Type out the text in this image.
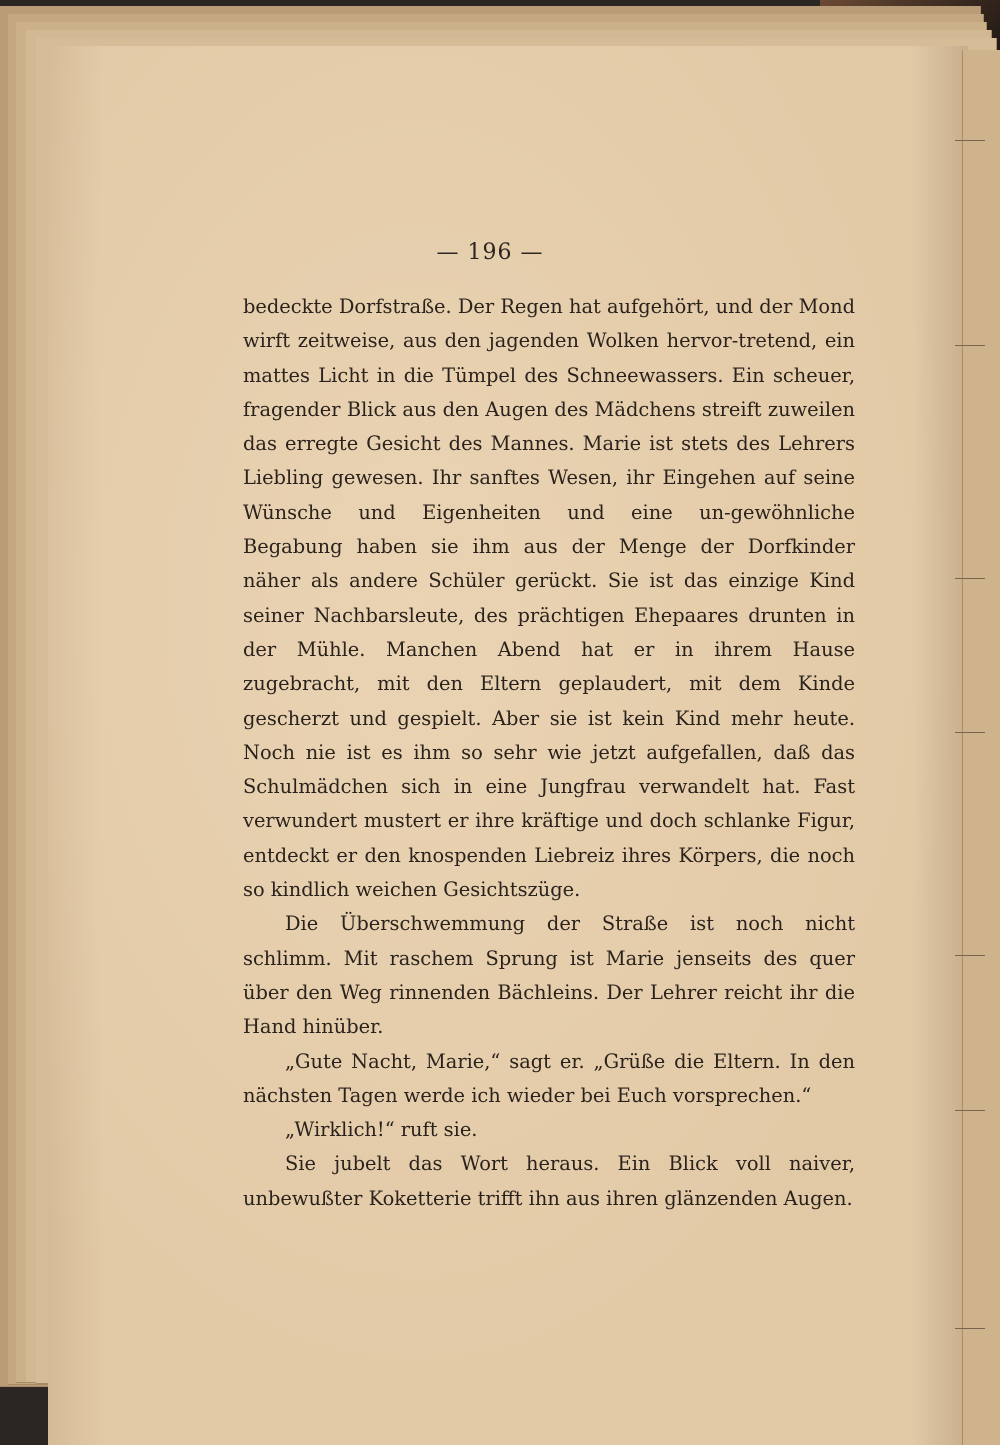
— 196 —

bedeckte Dorfstraße. Der Regen hat aufgehört, und der Mond wirft zeitweise, aus den jagenden Wolken hervor-tretend, ein mattes Licht in die Tümpel des Schneewassers. Ein scheuer, fragender Blick aus den Augen des Mädchens streift zuweilen das erregte Gesicht des Mannes. Marie ist stets des Lehrers Liebling gewesen. Ihr sanftes Wesen, ihr Eingehen auf seine Wünsche und Eigenheiten und eine un-gewöhnliche Begabung haben sie ihm aus der Menge der Dorfkinder näher als andere Schüler gerückt. Sie ist das einzige Kind seiner Nachbarsleute, des prächtigen Ehepaares drunten in der Mühle. Manchen Abend hat er in ihrem Hause zugebracht, mit den Eltern geplaudert, mit dem Kinde gescherzt und gespielt. Aber sie ist kein Kind mehr heute. Noch nie ist es ihm so sehr wie jetzt aufgefallen, daß das Schulmädchen sich in eine Jungfrau verwandelt hat. Fast verwundert mustert er ihre kräftige und doch schlanke Figur, entdeckt er den knospenden Liebreiz ihres Körpers, die noch so kindlich weichen Gesichtszüge.

Die Überschwemmung der Straße ist noch nicht schlimm. Mit raschem Sprung ist Marie jenseits des quer über den Weg rinnenden Bächleins. Der Lehrer reicht ihr die Hand hinüber.

„Gute Nacht, Marie,“ sagt er. „Grüße die Eltern. In den nächsten Tagen werde ich wieder bei Euch vorsprechen.“

„Wirklich!“ ruft sie.

Sie jubelt das Wort heraus. Ein Blick voll naiver, unbewußter Koketterie trifft ihn aus ihren glänzenden Augen.
